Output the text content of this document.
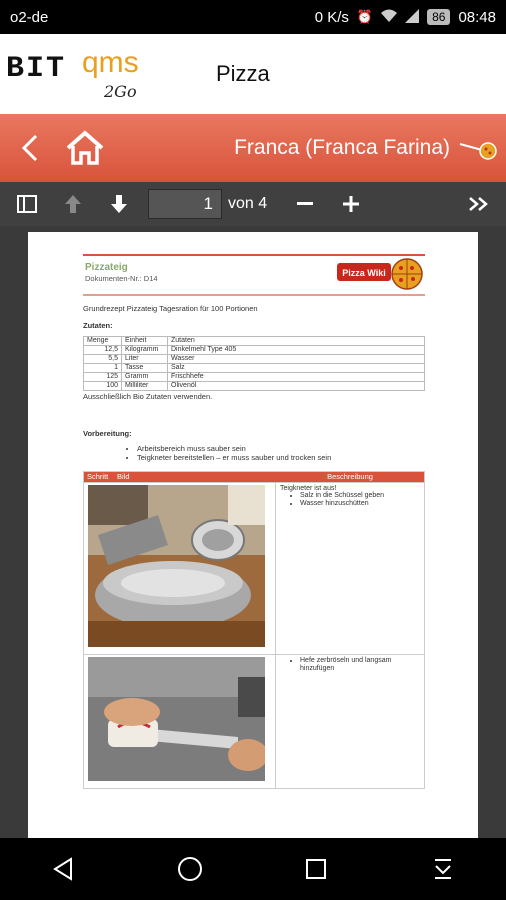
o2-de	0 K/s ⏰	86 08:48
BIT qms
2Go
Pizza
Franca (Franca Farina)
1 von 4
Pizzateig
Dokumenten-Nr.: D14
Pizza Wiki
Grundrezept Pizzateig Tagesration für 100 Portionen
Zutaten:
Menge	Einheit	Zutaten
12,5	Kilogramm	Dinkelmehl Type 405
5,5	Liter	Wasser
1	Tasse	Salz
125	Gramm	Frischhefe
100	Milliliter	Olivenöl
Ausschließlich Bio Zutaten verwenden.
Vorbereitung:
• Arbeitsbereich muss sauber sein
• Teigkneter bereitstellen – er muss sauber und trocken sein
Schritt	Bild	Beschreibung
Teigkneter ist aus!
• Salz in die Schüssel geben
• Wasser hinzuschütten
• Hefe zerbröseln und langsam hinzufügen
